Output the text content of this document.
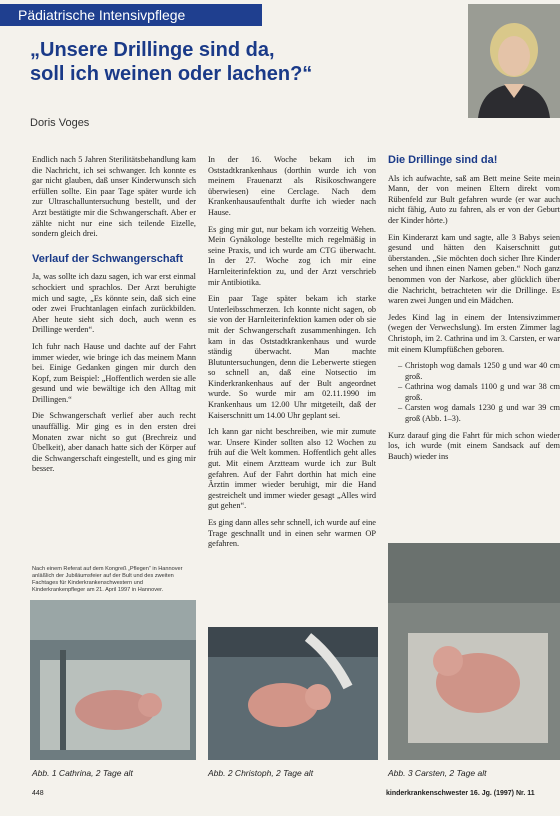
Pädiatrische Intensivpflege
„Unsere Drillinge sind da,
soll ich weinen oder lachen?“
Doris Voges

Endlich nach 5 Jahren Sterilitätsbehandlung kam die Nachricht, ich sei schwanger. Ich konnte es gar nicht glauben, daß unser Kinderwunsch sich erfüllen sollte. Ein paar Tage später wurde ich zur Ultraschalluntersuchung bestellt, und der Arzt bestätigte mir die Schwangerschaft. Aber er zählte nicht nur eine sich teilende Eizelle, sondern gleich drei.

Verlauf der Schwangerschaft

Ja, was sollte ich dazu sagen, ich war erst einmal schockiert und sprachlos. Der Arzt beruhigte mich und sagte, „Es könnte sein, daß sich eine oder zwei Fruchtanlagen einfach zurückbilden. Aber heute sieht sich doch, auch wenn es Drillinge werden“.

Ich fuhr nach Hause und dachte auf der Fahrt immer wieder, wie bringe ich das meinem Mann bei. Einige Gedanken gingen mir durch den Kopf, zum Beispiel: „Hoffentlich werden sie alle gesund und wie bewältige ich den Alltag mit Drillingen.“

Die Schwangerschaft verlief aber auch recht unauffällig. Mir ging es in den ersten drei Monaten zwar nicht so gut (Brechreiz und Übelkeit), aber danach hatte sich der Körper auf die Schwangerschaft eingestellt, und es ging mir besser.

In der 16. Woche bekam ich im Oststadtkrankenhaus (dorthin wurde ich von meinem Frauenarzt als Risikoschwangere überwiesen) eine Cerclage. Nach dem Krankenhausaufenthalt durfte ich wieder nach Hause.

Es ging mir gut, nur bekam ich vorzeitig Wehen. Mein Gynäkologe bestellte mich regelmäßig in seine Praxis, und ich wurde am CTG überwacht. In der 27. Woche zog ich mir eine Harnleiterinfektion zu, und der Arzt verschrieb mir Antibiotika.

Ein paar Tage später bekam ich starke Unterleibsschmerzen. Ich konnte nicht sagen, ob sie von der Harnleiterinfektion kamen oder ob sie mit der Schwangerschaft zusammenhingen. Ich kam in das Oststadtkrankenhaus und wurde ständig überwacht. Man machte Blutuntersuchungen, denn die Leberwerte stiegen so schnell an, daß eine Notsectio im Kinderkrankenhaus auf der Bult angeordnet wurde. So wurde mir am 02.11.1990 im Krankenhaus um 12.00 Uhr mitgeteilt, daß der Kaiserschnitt um 14.00 Uhr geplant sei.

Ich kann gar nicht beschreiben, wie mir zumute war. Unsere Kinder sollten also 12 Wochen zu früh auf die Welt kommen. Hoffentlich geht alles gut. Mit einem Arztteam wurde ich zur Bult gefahren. Auf der Fahrt dorthin hat mich eine Ärztin immer wieder beruhigt, mir die Hand gestreichelt und immer wieder gesagt „Alles wird gut gehen“.

Es ging dann alles sehr schnell, ich wurde auf eine Trage geschnallt und in einen sehr warmen OP gefahren.

Die Drillinge sind da!

Als ich aufwachte, saß am Bett meine Seite mein Mann, der von meinen Eltern direkt vom Rübenfeld zur Bult gefahren wurde (er war auch nicht fähig, Auto zu fahren, als er von der Geburt der Kinder hörte.)

Ein Kinderarzt kam und sagte, alle 3 Babys seien gesund und hätten den Kaiserschnitt gut überstanden. „Sie möchten doch sicher Ihre Kinder sehen und ihnen einen Namen geben.“ Noch ganz benommen von der Narkose, aber glücklich über die Nachricht, betrachteten wir die Drillinge. Es waren zwei Jungen und ein Mädchen.

Jedes Kind lag in einem der Intensivzimmer (wegen der Verwechslung). Im ersten Zimmer lag Christoph, im 2. Cathrina und im 3. Carsten, er war mit einem Klumpfüßchen geboren.

– Christoph wog damals 1250 g und war 40 cm groß.
– Cathrina wog damals 1100 g und war 38 cm groß.
– Carsten wog damals 1230 g und war 39 cm groß (Abb. 1–3).

Kurz darauf ging die Fahrt für mich schon wieder los, ich wurde (mit einem Sandsack auf dem Bauch) wieder ins

Nach einem Referat auf dem Kongreß „Pflegen“ in Hannover anläßlich der Jubiläumsfeier auf der Bult und des zweiten Fachtages für Kinderkrankenschwestern und Kinderkrankenpfleger am 21. April 1997 in Hannover.
Abb. 1 Cathrina, 2 Tage alt	Abb. 2 Christoph, 2 Tage alt	Abb. 3 Carsten, 2 Tage alt
448	kinderkrankenschwester 16. Jg. (1997) Nr. 11
